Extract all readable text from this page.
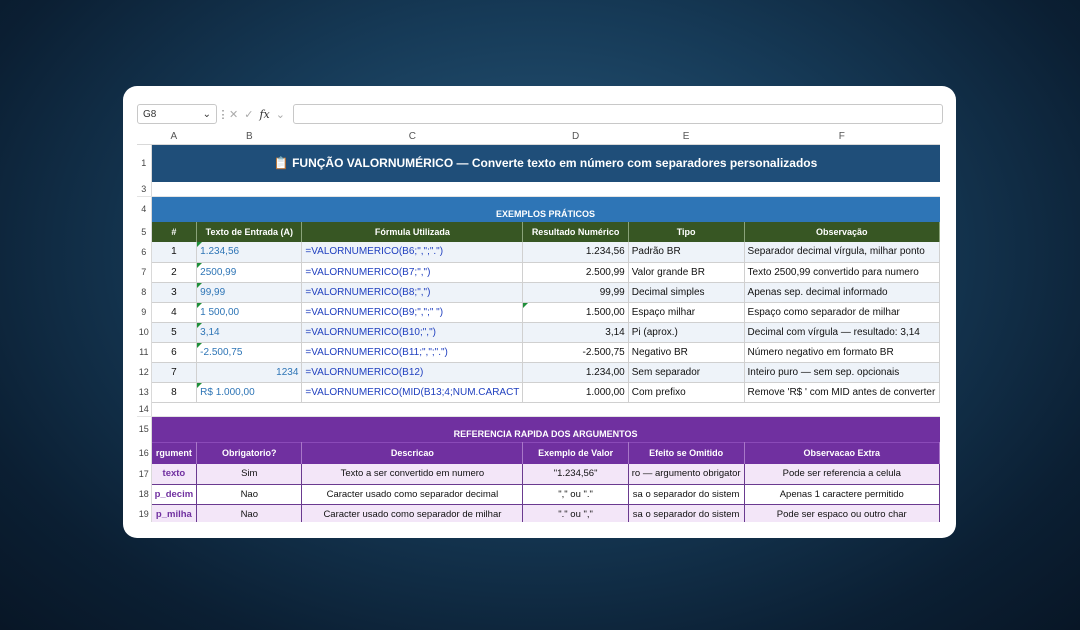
G8	⌄ ⋮ ✕ ✓ fx ⌄
	A	B	C	D	E	F
1	📋 FUNÇÃO VALORNUMÉRICO — Converte texto em número com separadores personalizados					
3						
4	EXEMPLOS PRÁTICOS					
5	#	Texto de Entrada (A)	Fórmula Utilizada	Resultado Numérico	Tipo	Observação
6	1	1.234,56	=VALORNUMERICO(B6;",";".")	1.234,56	Padrão BR	Separador decimal vírgula, milhar ponto
7	2	2500,99	=VALORNUMERICO(B7;",")	2.500,99	Valor grande BR	Texto 2500,99 convertido para numero
8	3	99,99	=VALORNUMERICO(B8;",")	99,99	Decimal simples	Apenas sep. decimal informado
9	4	1 500,00	=VALORNUMERICO(B9;",";" ")	1.500,00	Espaço milhar	Espaço como separador de milhar
10	5	3,14	=VALORNUMERICO(B10;",")	3,14	Pi (aprox.)	Decimal com vírgula — resultado: 3,14
11	6	-2.500,75	=VALORNUMERICO(B11;",";".")	-2.500,75	Negativo BR	Número negativo em formato BR
12	7	1234	=VALORNUMERICO(B12)	1.234,00	Sem separador	Inteiro puro — sem sep. opcionais
13	8	R$ 1.000,00	=VALORNUMERICO(MID(B13;4;NUM.CARACT	1.000,00	Com prefixo	Remove 'R$ ' com MID antes de converter
14						
15	REFERENCIA RAPIDA DOS ARGUMENTOS					
16	rgument	Obrigatorio?	Descricao	Exemplo de Valor	Efeito se Omitido	Observacao Extra
17	texto	Sim	Texto a ser convertido em numero	"1.234,56"	ro — argumento obrigator	Pode ser referencia a celula
18	p_decim	Nao	Caracter usado como separador decimal	"," ou "."	sa o separador do sistem	Apenas 1 caractere permitido
19	p_milha	Nao	Caracter usado como separador de milhar	"." ou ","	sa o separador do sistem	Pode ser espaco ou outro char
